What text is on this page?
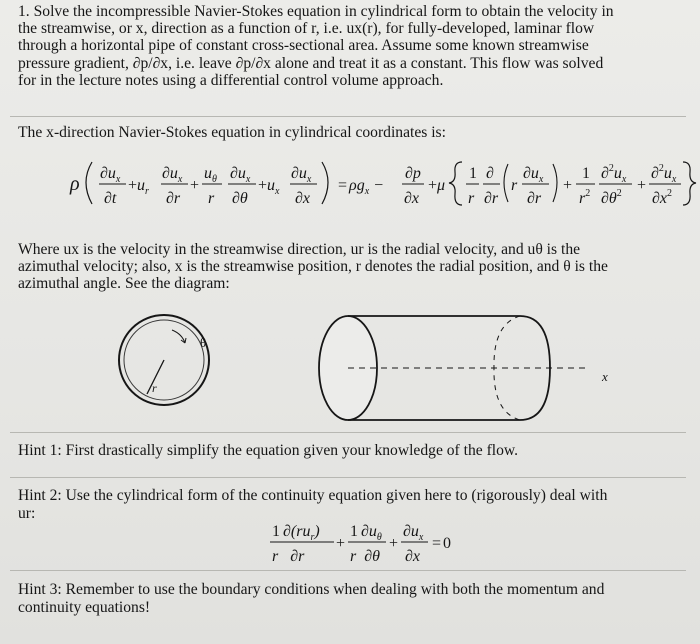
1. Solve the incompressible Navier-Stokes equation in cylindrical form to obtain the velocity in
the streamwise, or x, direction as a function of r, i.e. ux(r), for fully-developed, laminar flow
through a horizontal pipe of constant cross-sectional area. Assume some known streamwise
pressure gradient, ∂p/∂x, i.e. leave ∂p/∂x alone and treat it as a constant. This flow was solved
for in the lecture notes using a differential control volume approach.
The x-direction Navier-Stokes equation in cylindrical coordinates is:
ρ $\partial u_x$
∂t
$+u_r$
$\partial u_x$
∂r
+
$u_\theta$
r
$\partial u_x$
∂θ
$+u_x$
$\partial u_x$
∂x
= $\rho g_x$ −
∂p
∂x
+μ
1
r
∂
∂r
r
$\partial u_x$
∂r
+
1
$r^2$
$\partial^2u_x$
$\partial\theta^2$ +
$\partial^2u_x$
$\partial x^2$
Where ux is the velocity in the streamwise direction, ur is the radial velocity, and uθ is the
azimuthal velocity; also, x is the streamwise position, r denotes the radial position, and θ is the
azimuthal angle. See the diagram:
θ
r
x
Hint 1: First drastically simplify the equation given your knowledge of the flow.
Hint 2: Use the cylindrical form of the continuity equation given here to (rigorously) deal with
ur:
1 $\partial(ru_r)$
r ∂r
+
1 $\partial u_\theta$
r ∂θ
+
$\partial u_x$
∂x
= 0
Hint 3: Remember to use the boundary conditions when dealing with both the momentum and
continuity equations!
